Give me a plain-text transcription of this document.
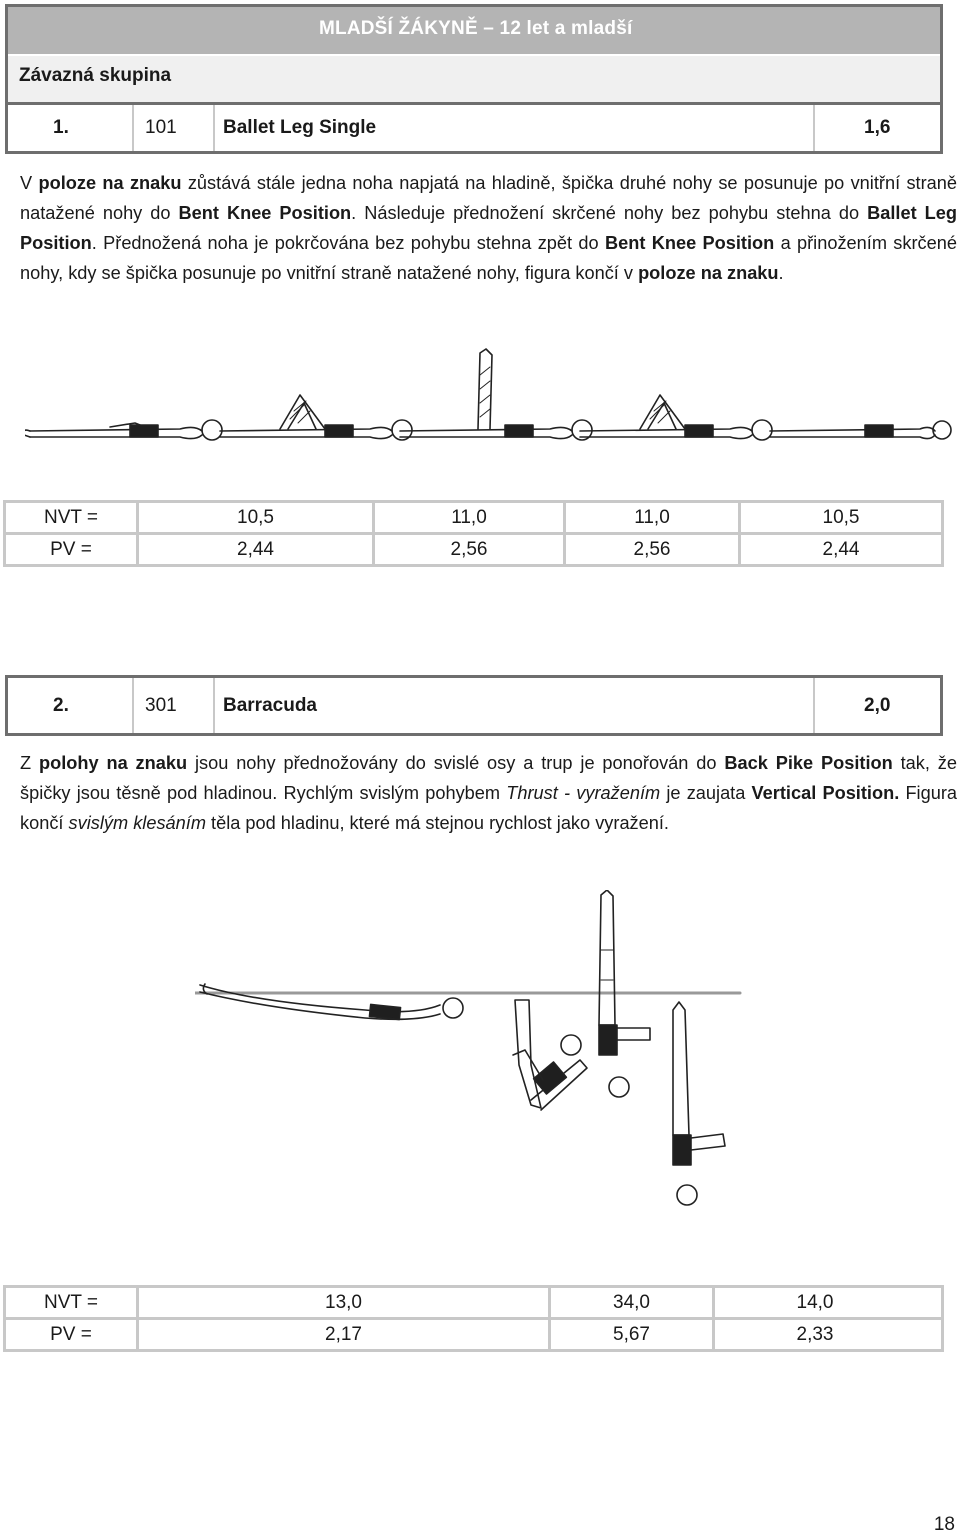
MLADŠÍ ŽÁKYNĚ – 12 let a mladší
Závazná skupina
1.	101 Ballet Leg Single	1,6
V poloze na znaku zůstává stále jedna noha napjatá na hladině, špička druhé nohy se posunuje po vnitřní straně natažené nohy do Bent Knee Position. Následuje přednožení skrčené nohy bez pohybu stehna do Ballet Leg Position. Přednožená noha je pokrčována bez pohybu stehna zpět do Bent Knee Position a přinožením skrčené nohy, kdy se špička posunuje po vnitřní straně natažené nohy, figura končí v poloze na znaku.
NVT =	10,5	11,0	11,0	10,5
PV =	2,44	2,56	2,56	2,44
2.	301 Barracuda	2,0
Z polohy na znaku jsou nohy přednožovány do svislé osy a trup je ponořován do Back Pike Position tak, že špičky jsou těsně pod hladinou. Rychlým svislým pohybem Thrust - vyražením je zaujata Vertical Position. Figura končí svislým klesáním těla pod hladinu, které má stejnou rychlost jako vyražení.
NVT =	13,0	34,0	14,0
PV =	2,17	5,67	2,33
18
